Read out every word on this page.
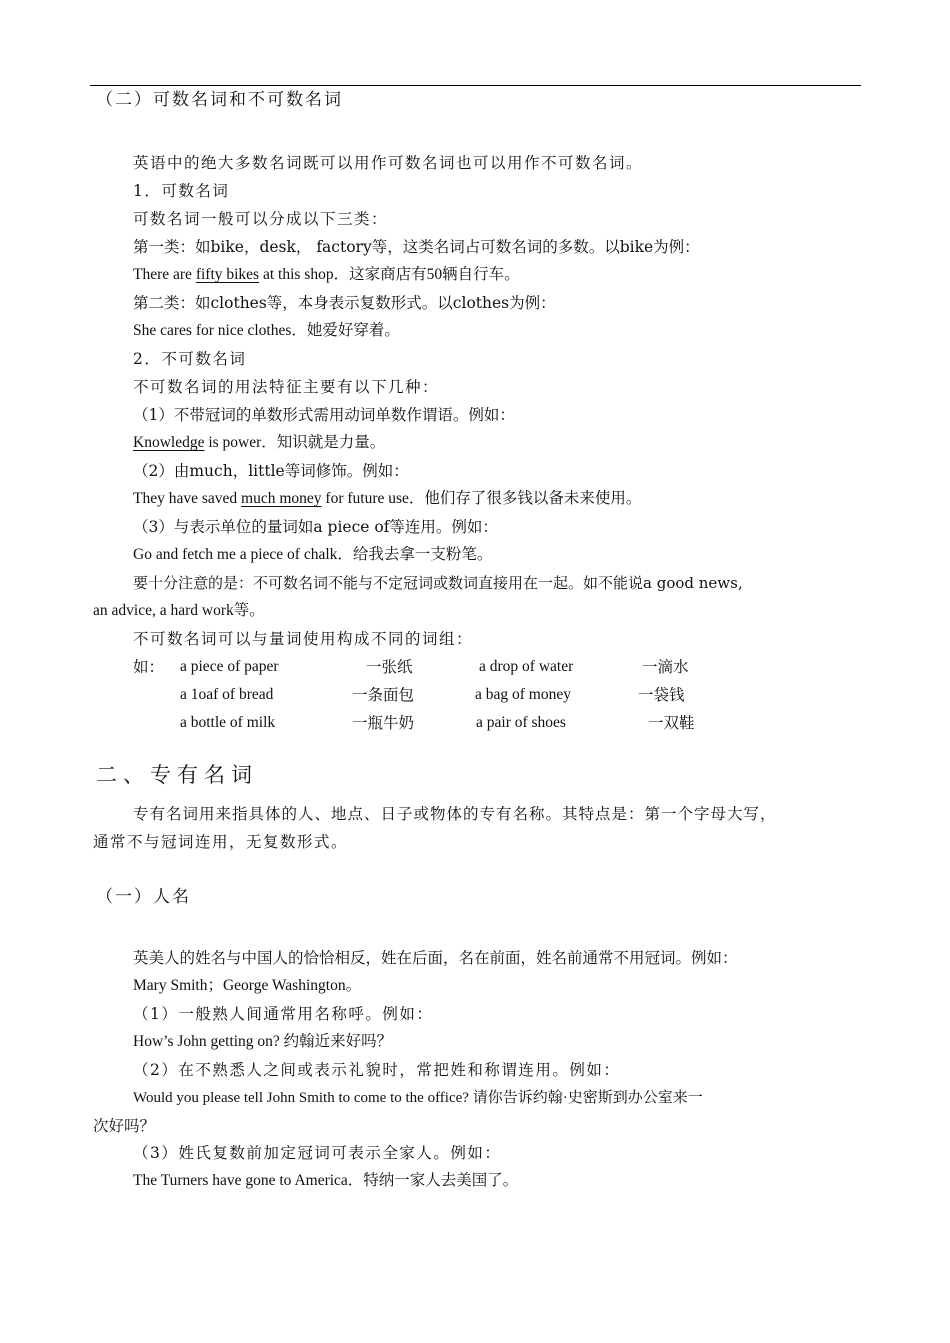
（二）可数名词和不可数名词
英语中的绝大多数名词既可以用作可数名词也可以用作不可数名词。
1．可数名词
可数名词一般可以分成以下三类：
第一类：如bike，desk， factory等，这类名词占可数名词的多数。以bike为例：
There are fifty bikes at this shop．这家商店有50辆自行车。
第二类：如clothes等，本身表示复数形式。以clothes为例：
She cares for nice clothes．她爱好穿着。
2．不可数名词
不可数名词的用法特征主要有以下几种：
（1）不带冠词的单数形式需用动词单数作谓语。例如：
Knowledge is power．知识就是力量。
（2）由much，little等词修饰。例如：
They have saved much money for future use．他们存了很多钱以备未来使用。
（3）与表示单位的量词如a piece of等连用。例如：
Go and fetch me a piece of chalk．给我去拿一支粉笔。
要十分注意的是：不可数名词不能与不定冠词或数词直接用在一起。如不能说a good news,
an advice, a hard work等。
不可数名词可以与量词使用构成不同的词组：
如： a piece of paper	一张纸	a drop of water	一滴水
a 1oaf of bread	一条面包	a bag of money	一袋钱
a bottle of milk	一瓶牛奶	a pair of shoes	一双鞋
二、专有名词
专有名词用来指具体的人、地点、日子或物体的专有名称。其特点是：第一个字母大写，
通常不与冠词连用，无复数形式。
（一）人名
英美人的姓名与中国人的恰恰相反，姓在后面，名在前面，姓名前通常不用冠词。例如：
Mary Smith；George Washington。
（1）一般熟人间通常用名称呼。例如：
How’s John getting on? 约翰近来好吗？
（2）在不熟悉人之间或表示礼貌时，常把姓和称谓连用。例如：
Would you please tell John Smith to come to the office? 请你告诉约翰·史密斯到办公室来一
次好吗？
（3）姓氏复数前加定冠词可表示全家人。例如：
The Turners have gone to America．特纳一家人去美国了。
